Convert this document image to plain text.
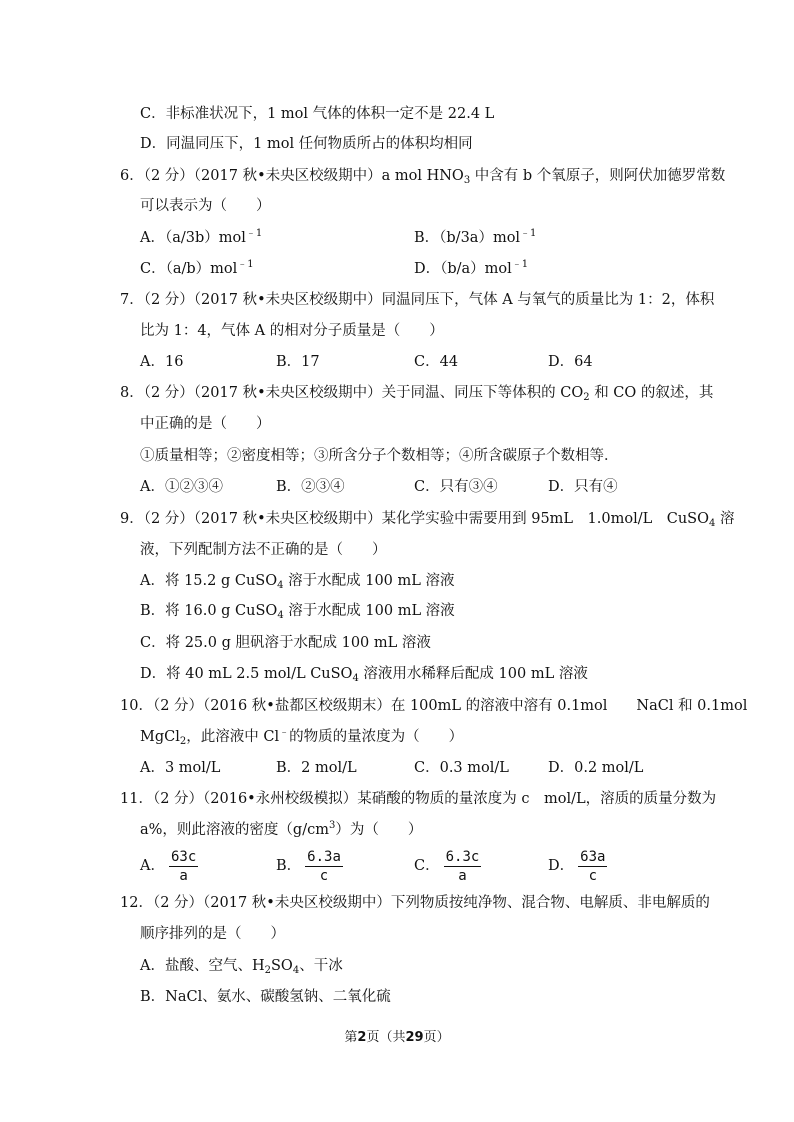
C．非标准状况下，1 mol 气体的体积一定不是 22.4 L
D．同温同压下，1 mol 任何物质所占的体积均相同
6．（2 分）（2017 秋•未央区校级期中）a mol $HNO_3$ 中含有 b 个氧原子，则阿伏加德罗常数
可以表示为（　　）
A．（a/3b）mol$^{﹣1}$	B．（b/3a）mol$^{﹣1}$
C．（a/b）mol$^{﹣1}$	D．（b/a）mol$^{﹣1}$
7．（2 分）（2017 秋•未央区校级期中）同温同压下，气体 A 与氧气的质量比为 1：2，体积
比为 1：4，气体 A 的相对分子质量是（　　）
A．16	B．17	C．44	D．64
8．（2 分）（2017 秋•未央区校级期中）关于同温、同压下等体积的 $CO_2$ 和 CO 的叙述，其
中正确的是（　　）
①质量相等；②密度相等；③所含分子个数相等；④所含碳原子个数相等．
A．①②③④	B．②③④	C．只有③④	D．只有④
9．（2 分）（2017 秋•未央区校级期中）某化学实验中需要用到 95mL　1.0mol/L　CuSO$_4$ 溶
液，下列配制方法不正确的是（　　）
A．将 15.2 g CuSO$_4$ 溶于水配成 100 mL 溶液
B．将 16.0 g CuSO$_4$ 溶于水配成 100 mL 溶液
C．将 25.0 g 胆矾溶于水配成 100 mL 溶液
D．将 40 mL 2.5 mol/L CuSO$_4$ 溶液用水稀释后配成 100 mL 溶液
10．（2 分）（2016 秋•盐都区校级期末）在 100mL 的溶液中溶有 0.1mol　　NaCl 和 0.1mol
MgCl$_2$，此溶液中 Cl﹣的物质的量浓度为（　　）
A．3 mol/L	B．2 mol/L	C．0.3 mol/L	D．0.2 mol/L
11．（2 分）（2016•永州校级模拟）某硝酸的物质的量浓度为 c　mol/L，溶质的质量分数为
a%，则此溶液的密度$(g/cm^3)$为（　　）
A． $\frac{63c}{a}$	B． $\frac{6.3a}{c}$	C． $\frac{6.3c}{a}$	D． $\frac{63a}{c}$
12．（2 分）（2017 秋•未央区校级期中）下列物质按纯净物、混合物、电解质、非电解质的
顺序排列的是（　　）
A．盐酸、空气、$H_2SO_4$、干冰
B．NaCl、氨水、碳酸氢钠、二氧化硫
第2页（共29页）
